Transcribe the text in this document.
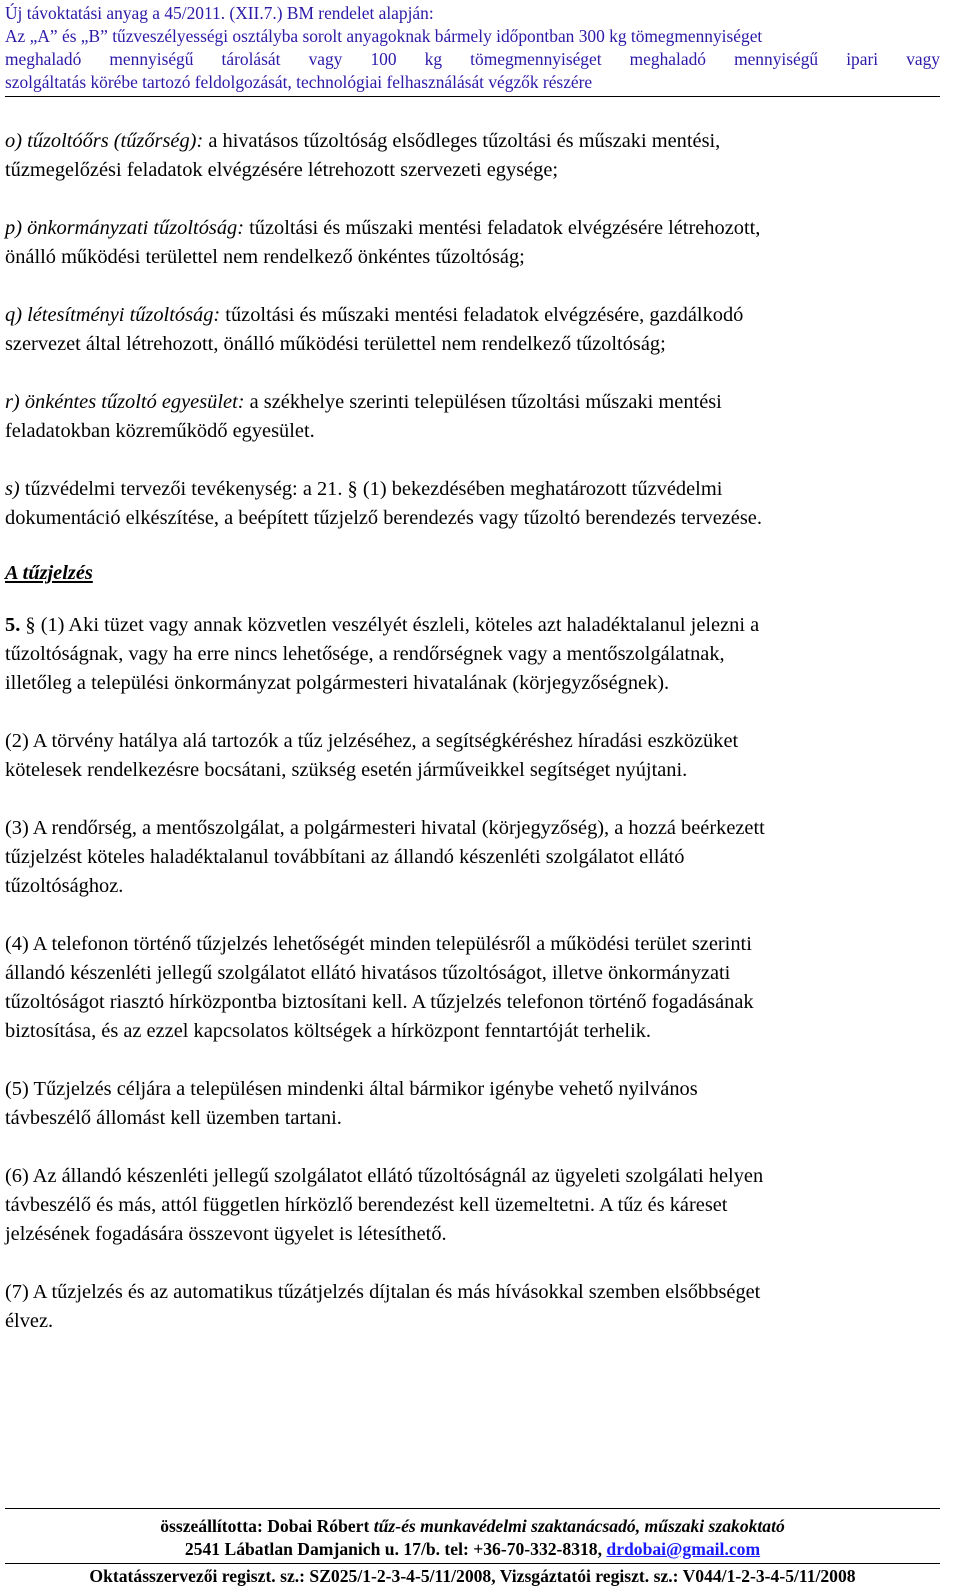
Új távoktatási anyag a 45/2011. (XII.7.) BM rendelet alapján:
Az „A” és „B” tűzveszélyességi osztályba sorolt anyagoknak bármely időpontban 300 kg tömegmennyiséget
meghaladó mennyiségű tárolását vagy 100 kg tömegmennyiséget meghaladó mennyiségű ipari vagy
szolgáltatás körébe tartozó feldolgozását, technológiai felhasználását végzők részére

o) tűzoltóőrs (tűzőrség): a hivatásos tűzoltóság elsődleges tűzoltási és műszaki mentési,
tűzmegelőzési feladatok elvégzésére létrehozott szervezeti egysége;

p) önkormányzati tűzoltóság: tűzoltási és műszaki mentési feladatok elvégzésére létrehozott,
önálló működési területtel nem rendelkező önkéntes tűzoltóság;

q) létesítményi tűzoltóság: tűzoltási és műszaki mentési feladatok elvégzésére, gazdálkodó
szervezet által létrehozott, önálló működési területtel nem rendelkező tűzoltóság;

r) önkéntes tűzoltó egyesület: a székhelye szerinti településen tűzoltási műszaki mentési
feladatokban közreműködő egyesület.

s) tűzvédelmi tervezői tevékenység: a 21. § (1) bekezdésében meghatározott tűzvédelmi
dokumentáció elkészítése, a beépített tűzjelző berendezés vagy tűzoltó berendezés tervezése.

A tűzjelzés

5. § (1) Aki tüzet vagy annak közvetlen veszélyét észleli, köteles azt haladéktalanul jelezni a
tűzoltóságnak, vagy ha erre nincs lehetősége, a rendőrségnek vagy a mentőszolgálatnak,
illetőleg a települési önkormányzat polgármesteri hivatalának (körjegyzőségnek).

(2) A törvény hatálya alá tartozók a tűz jelzéséhez, a segítségkéréshez híradási eszközüket
kötelesek rendelkezésre bocsátani, szükség esetén járműveikkel segítséget nyújtani.

(3) A rendőrség, a mentőszolgálat, a polgármesteri hivatal (körjegyzőség), a hozzá beérkezett
tűzjelzést köteles haladéktalanul továbbítani az állandó készenléti szolgálatot ellátó
tűzoltósághoz.

(4) A telefonon történő tűzjelzés lehetőségét minden településről a működési terület szerinti
állandó készenléti jellegű szolgálatot ellátó hivatásos tűzoltóságot, illetve önkormányzati
tűzoltóságot riasztó hírközpontba biztosítani kell. A tűzjelzés telefonon történő fogadásának
biztosítása, és az ezzel kapcsolatos költségek a hírközpont fenntartóját terhelik.

(5) Tűzjelzés céljára a településen mindenki által bármikor igénybe vehető nyilvános
távbeszélő állomást kell üzemben tartani.

(6) Az állandó készenléti jellegű szolgálatot ellátó tűzoltóságnál az ügyeleti szolgálati helyen
távbeszélő és más, attól független hírközlő berendezést kell üzemeltetni. A tűz és káreset
jelzésének fogadására összevont ügyelet is létesíthető.

(7) A tűzjelzés és az automatikus tűzátjelzés díjtalan és más hívásokkal szemben elsőbbséget
élvez.

összeállította: Dobai Róbert tűz-és munkavédelmi szaktanácsadó, műszaki szakoktató
2541 Lábatlan Damjanich u. 17/b. tel: +36-70-332-8318, drdobai@gmail.com
Oktatásszervezői regiszt. sz.: SZ025/1-2-3-4-5/11/2008, Vizsgáztatói regiszt. sz.: V044/1-2-3-4-5/11/2008
